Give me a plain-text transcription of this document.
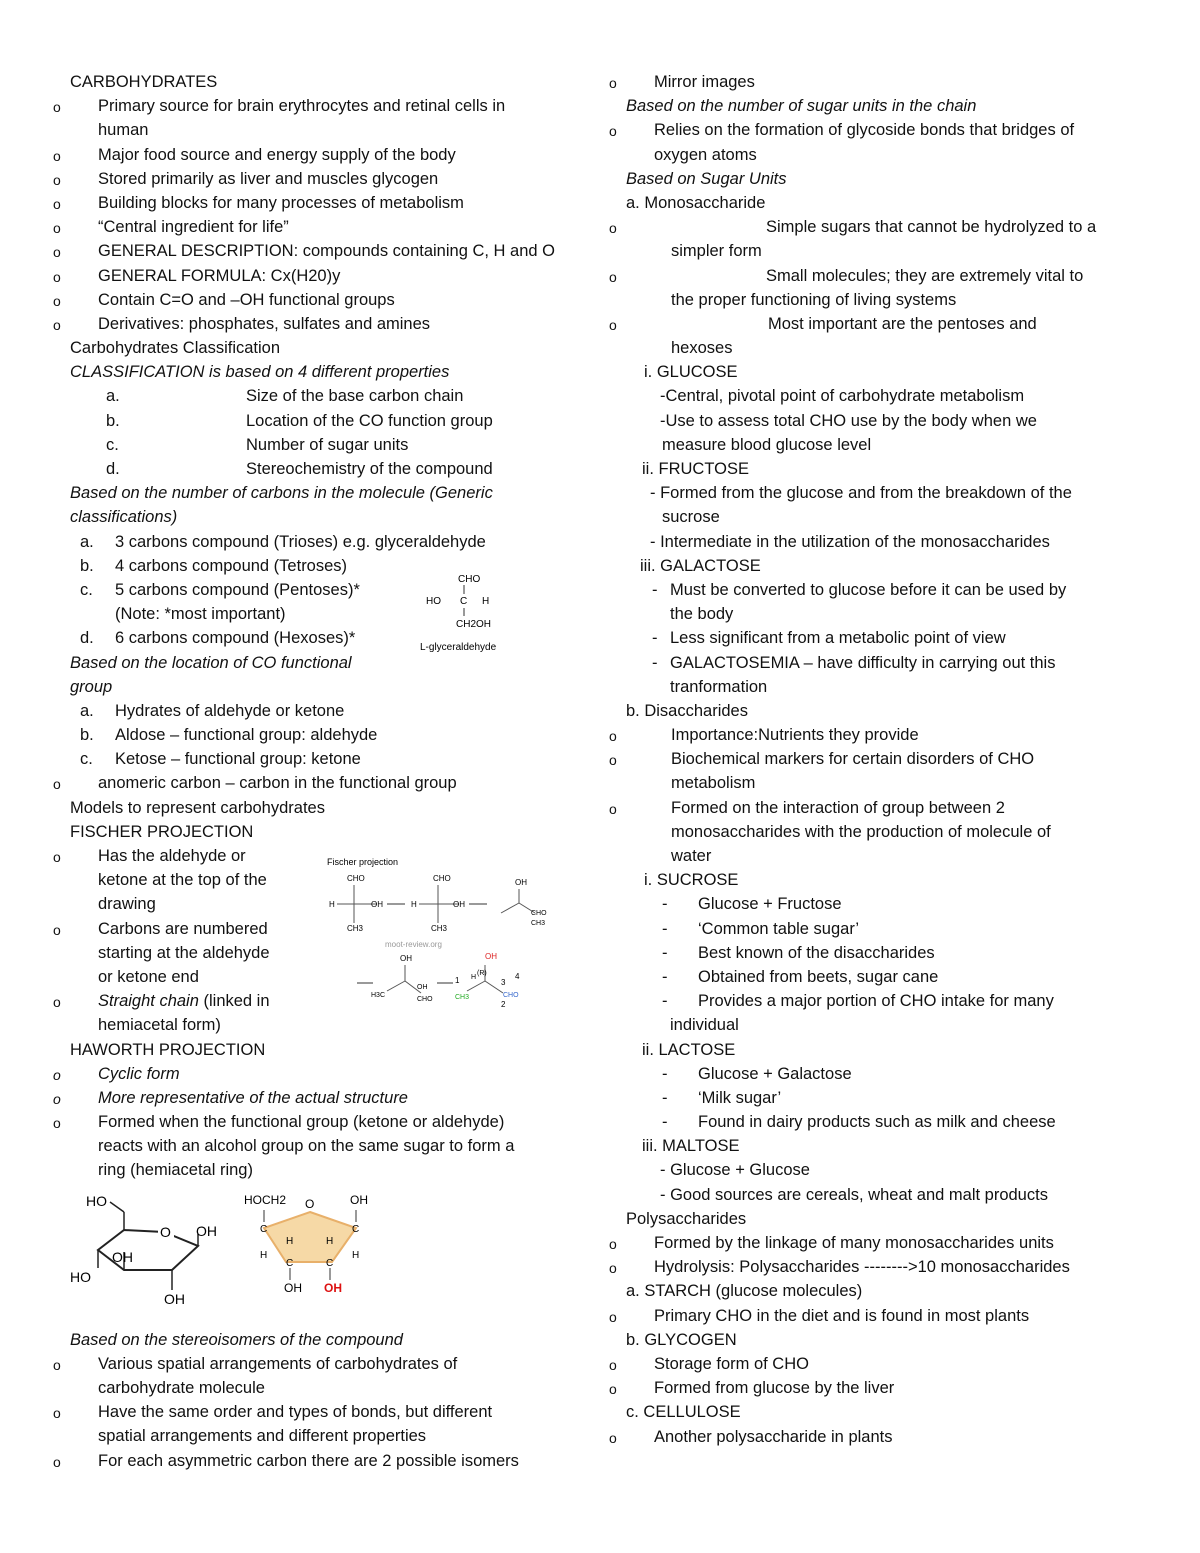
CARBOHYDRATES
o Primary source for brain erythrocytes and retinal cells in
human
o Major food source and energy supply of the body
o Stored primarily as liver and muscles glycogen
o Building blocks for many processes of metabolism
o “Central ingredient for life”
o GENERAL DESCRIPTION: compounds containing C, H and O
o GENERAL FORMULA: Cx(H20)y
o Contain C=O and –OH functional groups
o Derivatives: phosphates, sulfates and amines
Carbohydrates Classification
CLASSIFICATION is based on 4 different properties
a.	Size of the base carbon chain
b.	Location of the CO function group
c.	Number of sugar units
d.	Stereochemistry of the compound
Based on the number of carbons in the molecule (Generic
classifications)
a. 3 carbons compound (Trioses) e.g. glyceraldehyde
b. 4 carbons compound (Tetroses)
c. 5 carbons compound (Pentoses)*
(Note: *most important)
d. 6 carbons compound (Hexoses)*
Based on the location of CO functional
group
a. Hydrates of aldehyde or ketone
b. Aldose – functional group: aldehyde
c. Ketose – functional group: ketone
o anomeric carbon – carbon in the functional group
Models to represent carbohydrates
FISCHER PROJECTION
o Has the aldehyde or
ketone at the top of the
drawing
o Carbons are numbered
starting at the aldehyde
or ketone end
o Straight chain (linked in
hemiacetal form)
HAWORTH PROJECTION
o Cyclic form
o More representative of the actual structure
o Formed when the functional group (ketone or aldehyde)
reacts with an alcohol group on the same sugar to form a
ring (hemiacetal ring)
Based on the stereoisomers of the compound
o Various spatial arrangements of carbohydrates of
carbohydrate molecule
o Have the same order and types of bonds, but different
spatial arrangements and different properties
o For each asymmetric carbon there are 2 possible isomers
CHO
HO C H
CH2OH
L-glyceraldehyde
Fischer projection
CHO	CHO	OH
H	OH	H	OH
CH3	CH3
CHO
CH3
moot-review.org
OH
H3C
OH
CHO
OH
(R)	4
1	3
2
CH3	CHO
H
HO
O OH
OH
HO
OH
HOCH2 O	OH
C	C
H
H	H
C	C
H
OH OH
o Mirror images
Based on the number of sugar units in the chain
o Relies on the formation of glycoside bonds that bridges of
oxygen atoms
Based on Sugar Units
a. Monosaccharide
o Simple sugars that cannot be hydrolyzed to a
simpler form
o Small molecules; they are extremely vital to
the proper functioning of living systems
o Most important are the pentoses and
hexoses
i. GLUCOSE
-Central, pivotal point of carbohydrate metabolism
-Use to assess total CHO use by the body when we
measure blood glucose level
ii. FRUCTOSE
- Formed from the glucose and from the breakdown of the
sucrose
- Intermediate in the utilization of the monosaccharides
iii. GALACTOSE
- Must be converted to glucose before it can be used by
the body
- Less significant from a metabolic point of view
- GALACTOSEMIA – have difficulty in carrying out this
tranformation
b. Disaccharides
o Importance:Nutrients they provide
o Biochemical markers for certain disorders of CHO
metabolism
o Formed on the interaction of group between 2
monosaccharides with the production of molecule of
water
i. SUCROSE
- Glucose + Fructose
- ‘Common table sugar’
- Best known of the disaccharides
- Obtained from beets, sugar cane
- Provides a major portion of CHO intake for many
individual
ii. LACTOSE
- Glucose + Galactose
- ‘Milk sugar’
- Found in dairy products such as milk and cheese
iii. MALTOSE
- Glucose + Glucose
- Good sources are cereals, wheat and malt products
Polysaccharides
o Formed by the linkage of many monosaccharides units
o Hydrolysis: Polysaccharides -------->10 monosaccharides
a. STARCH (glucose molecules)
o Primary CHO in the diet and is found in most plants
b. GLYCOGEN
o Storage form of CHO
o Formed from glucose by the liver
c. CELLULOSE
o Another polysaccharide in plants
